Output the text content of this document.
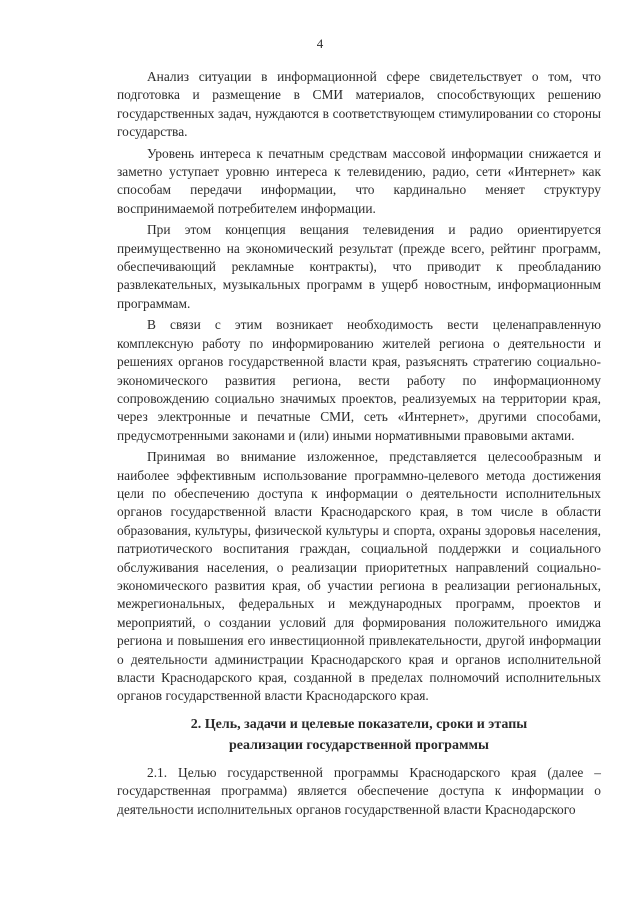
4

Анализ ситуации в информационной сфере свидетельствует о том, что подготовка и размещение в СМИ материалов, способствующих решению государственных задач, нуждаются в соответствующем стимулировании со стороны государства.

Уровень интереса к печатным средствам массовой информации снижается и заметно уступает уровню интереса к телевидению, радио, сети «Интернет» как способам передачи информации, что кардинально меняет структуру воспринимаемой потребителем информации.

При этом концепция вещания телевидения и радио ориентируется преимущественно на экономический результат (прежде всего, рейтинг программ, обеспечивающий рекламные контракты), что приводит к преобладанию развлекательных, музыкальных программ в ущерб новостным, информационным программам.

В связи с этим возникает необходимость вести целенаправленную комплексную работу по информированию жителей региона о деятельности и решениях органов государственной власти края, разъяснять стратегию социально-экономического развития региона, вести работу по информационному сопровождению социально значимых проектов, реализуемых на территории края, через электронные и печатные СМИ, сеть «Интернет», другими способами, предусмотренными законами и (или) иными нормативными правовыми актами.

Принимая во внимание изложенное, представляется целесообразным и наиболее эффективным использование программно-целевого метода достижения цели по обеспечению доступа к информации о деятельности исполнительных органов государственной власти Краснодарского края, в том числе в области образования, культуры, физической культуры и спорта, охраны здоровья населения, патриотического воспитания граждан, социальной поддержки и социального обслуживания населения, о реализации приоритетных направлений социально-экономического развития края, об участии региона в реализации региональных, межрегиональных, федеральных и международных программ, проектов и мероприятий, о создании условий для формирования положительного имиджа региона и повышения его инвестиционной привлекательности, другой информации о деятельности администрации Краснодарского края и органов исполнительной власти Краснодарского края, созданной в пределах полномочий исполнительных органов государственной власти Краснодарского края.

2. Цель, задачи и целевые показатели, сроки и этапы
реализации государственной программы

2.1. Целью государственной программы Краснодарского края (далее – государственная программа) является обеспечение доступа к информации о деятельности исполнительных органов государственной власти Краснодарского
